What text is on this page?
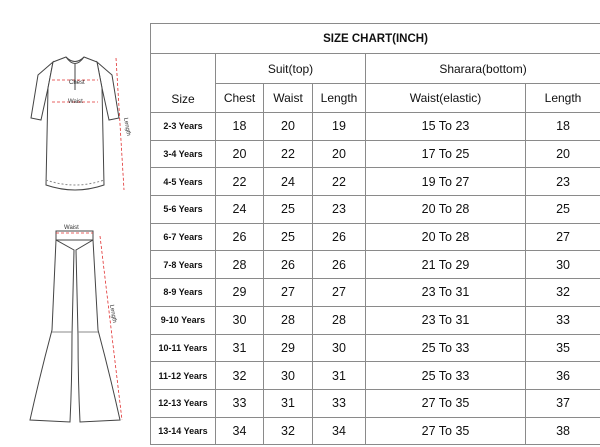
Chest
Waist
Length
Waist
Length
SIZE CHART(INCH)					
Size	Suit(top)			Sharara(bottom)	
	Chest	Waist	Length	Waist(elastic)	Length
2-3 Years	18	20	19	15 To 23	18
3-4 Years	20	22	20	17 To 25	20
4-5 Years	22	24	22	19 To 27	23
5-6 Years	24	25	23	20 To 28	25
6-7 Years	26	25	26	20 To 28	27
7-8 Years	28	26	26	21 To 29	30
8-9 Years	29	27	27	23 To 31	32
9-10 Years	30	28	28	23 To 31	33
10-11 Years	31	29	30	25 To 33	35
11-12 Years	32	30	31	25 To 33	36
12-13 Years	33	31	33	27 To 35	37
13-14 Years	34	32	34	27 To 35	38
